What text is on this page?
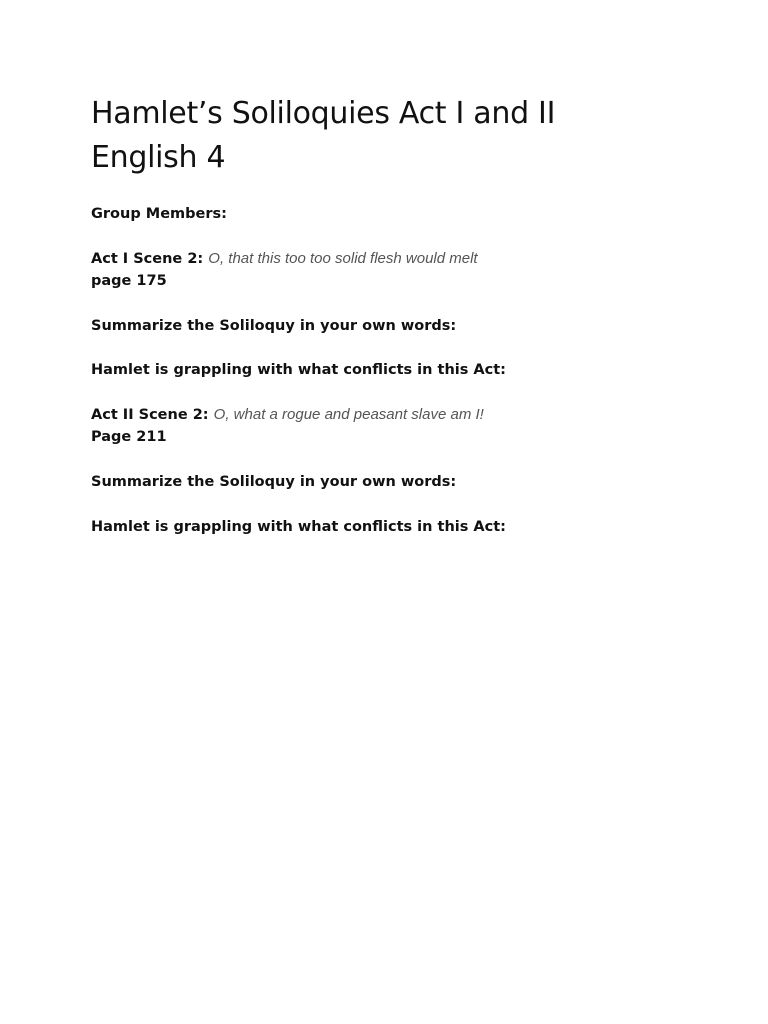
Hamlet’s Soliloquies Act I and II
English 4

Group Members:

Act I Scene 2: O, that this too too solid flesh would melt

page 175

Summarize the Soliloquy in your own words:

Hamlet is grappling with what conflicts in this Act:

Act II Scene 2: O, what a rogue and peasant slave am I!

Page 211

Summarize the Soliloquy in your own words:

Hamlet is grappling with what conflicts in this Act:
